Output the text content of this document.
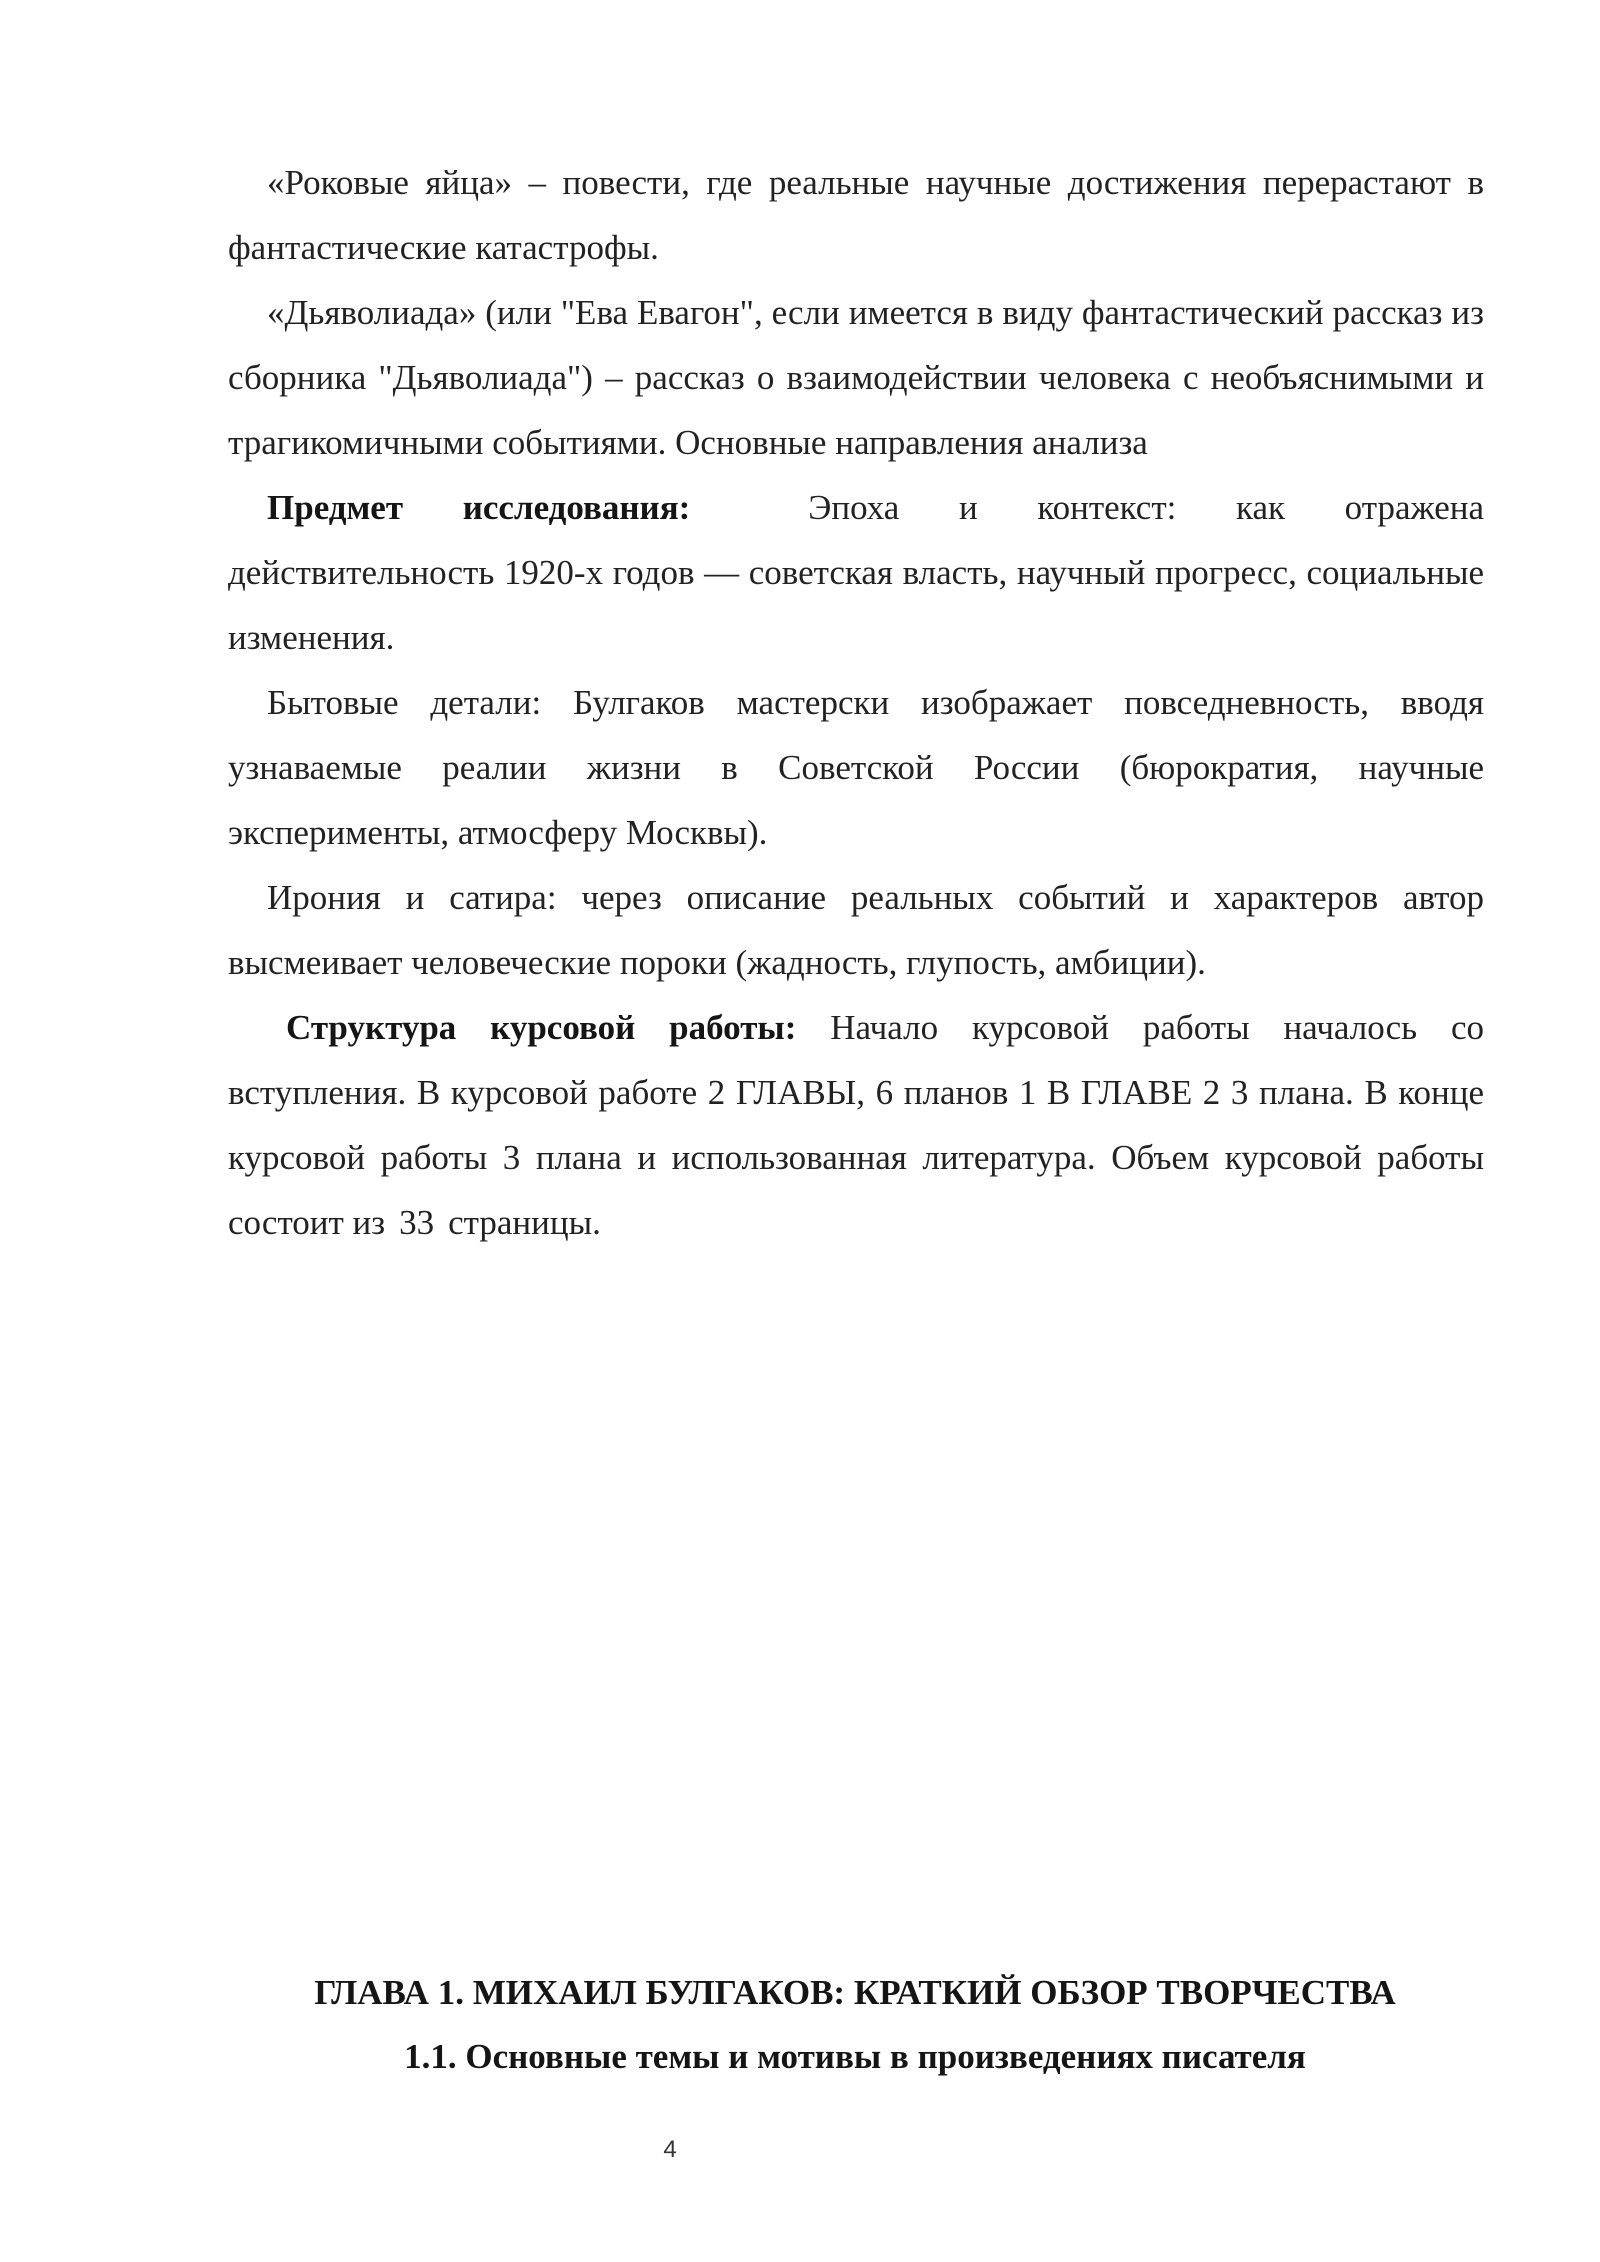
«Роковые яйца» – повести, где реальные научные достижения перерастают в фантастические катастрофы.

«Дьяволиада» (или "Ева Евагон", если имеется в виду фантастический рассказ из сборника "Дьяволиада") – рассказ о взаимодействии человека с необъяснимыми и трагикомичными событиями. Основные направления анализа

Предмет исследования:	Эпоха и контекст: как отражена действительность 1920-х годов — советская власть, научный прогресс, социальные изменения.

Бытовые детали: Булгаков мастерски изображает повседневность, вводя узнаваемые реалии жизни в Советской России (бюрократия, научные эксперименты, атмосферу Москвы).

Ирония и сатира: через описание реальных событий и характеров автор высмеивает человеческие пороки (жадность, глупость, амбиции).

Структура курсовой работы: Начало курсовой работы началось со вступления. В курсовой работе 2 ГЛАВЫ, 6 планов 1 В ГЛАВЕ 2 3 плана. В конце курсовой работы 3 плана и использованная литература. Объем курсовой работы состоит из 33 страницы.

ГЛАВА 1. МИХАИЛ БУЛГАКОВ: КРАТКИЙ ОБЗОР ТВОРЧЕСТВА
1.1. Основные темы и мотивы в произведениях писателя
4
